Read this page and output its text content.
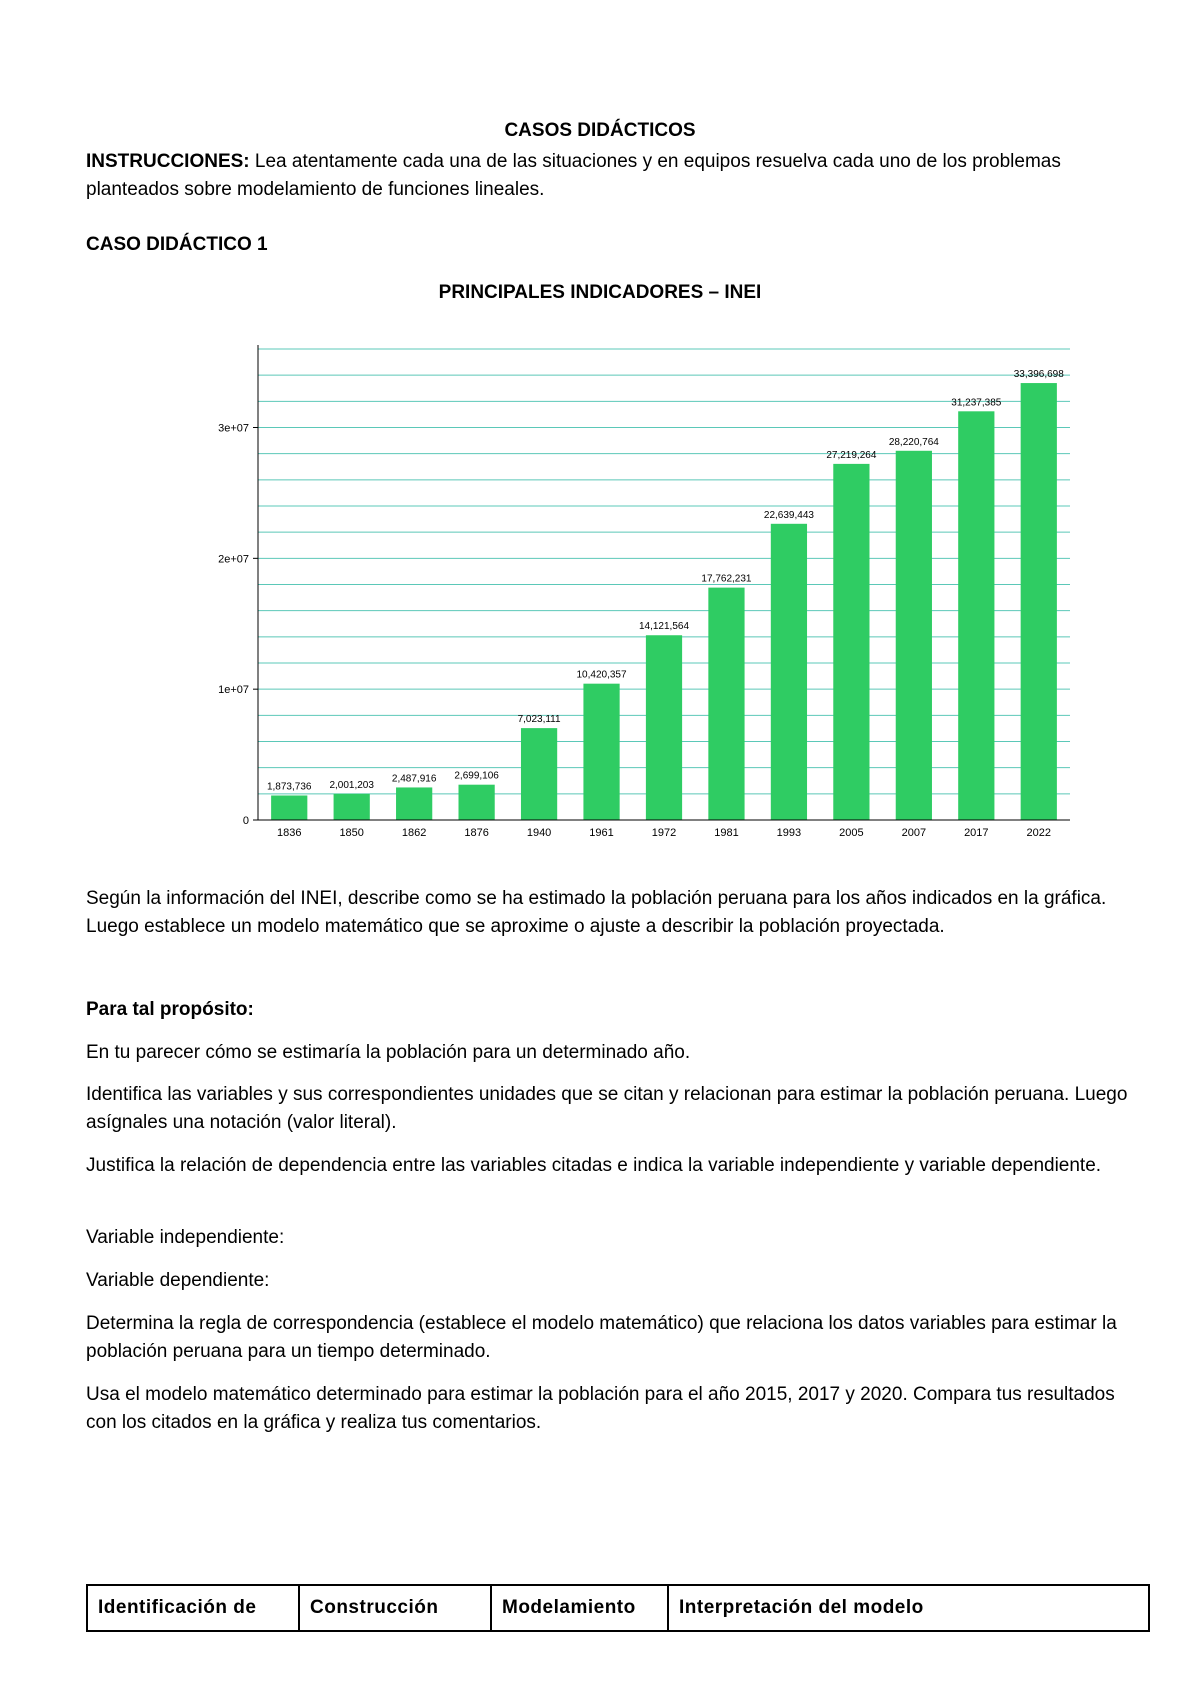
CASOS DIDÁCTICOS

INSTRUCCIONES: Lea atentamente cada una de las situaciones y en equipos resuelva cada uno de los problemas planteados sobre modelamiento de funciones lineales.

CASO DIDÁCTICO 1

PRINCIPALES INDICADORES – INEI
1,873,736
1836
2,001,203
1850
2,487,916
1862
2,699,106
1876
7,023,111
1940
10,420,357
1961
14,121,564
1972
17,762,231
1981
22,639,443
1993
27,219,264
2005
28,220,764
2007
31,237,385
2017
33,396,698
2022
0
1e+07
2e+07
3e+07

Según la información del INEI, describe como se ha estimado la población peruana para los años indicados en la gráfica. Luego establece un modelo matemático que se aproxime o ajuste a describir la población proyectada.

Para tal propósito:

En tu parecer cómo se estimaría la población para un determinado año.

Identifica las variables y sus correspondientes unidades que se citan y relacionan para estimar la población peruana. Luego asígnales una notación (valor literal).

Justifica la relación de dependencia entre las variables citadas e indica la variable independiente y variable dependiente.

Variable independiente:

Variable dependiente:

Determina la regla de correspondencia (establece el modelo matemático) que relaciona los datos variables para estimar la población peruana para un tiempo determinado.

Usa el modelo matemático determinado para estimar la población para el año 2015, 2017 y 2020. Compara tus resultados con los citados en la gráfica y realiza tus comentarios.

Identificación de	Construcción	Modelamiento	Interpretación del modelo
